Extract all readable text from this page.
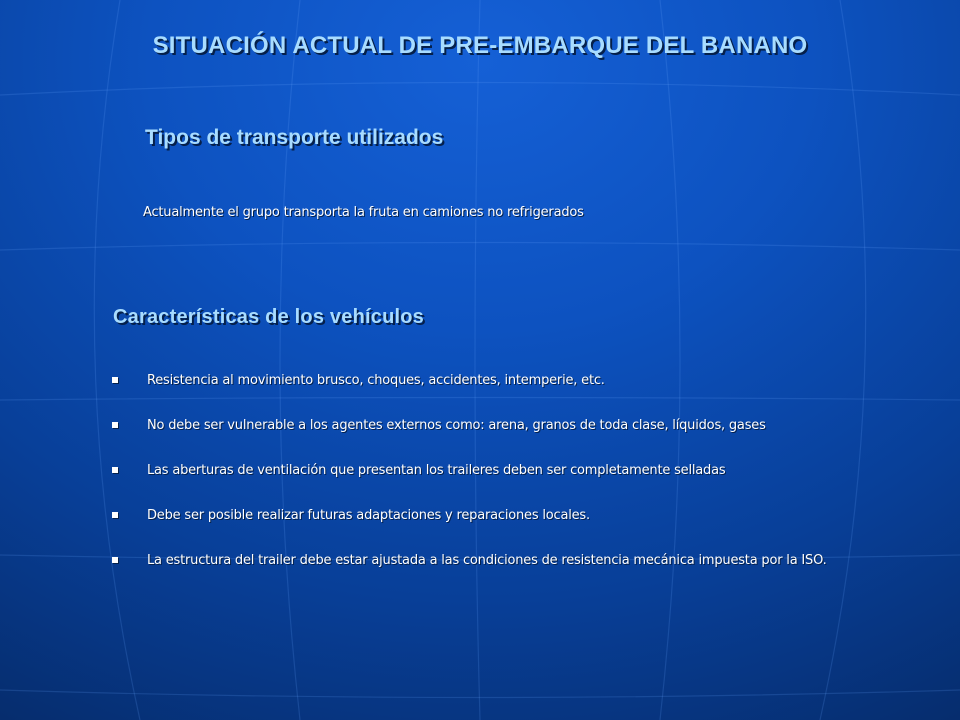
SITUACIÓN ACTUAL DE PRE-EMBARQUE DEL BANANO
Tipos de transporte utilizados
Actualmente el grupo transporta la fruta en camiones no refrigerados
Características de los vehículos
Resistencia al movimiento brusco, choques, accidentes, intemperie, etc.
No debe ser vulnerable a los agentes externos como: arena, granos de toda clase, líquidos, gases
Las aberturas de ventilación que presentan los traileres deben ser completamente selladas
Debe ser posible realizar futuras adaptaciones y reparaciones locales.
La estructura del trailer debe estar ajustada a las condiciones de resistencia mecánica impuesta por la ISO.
